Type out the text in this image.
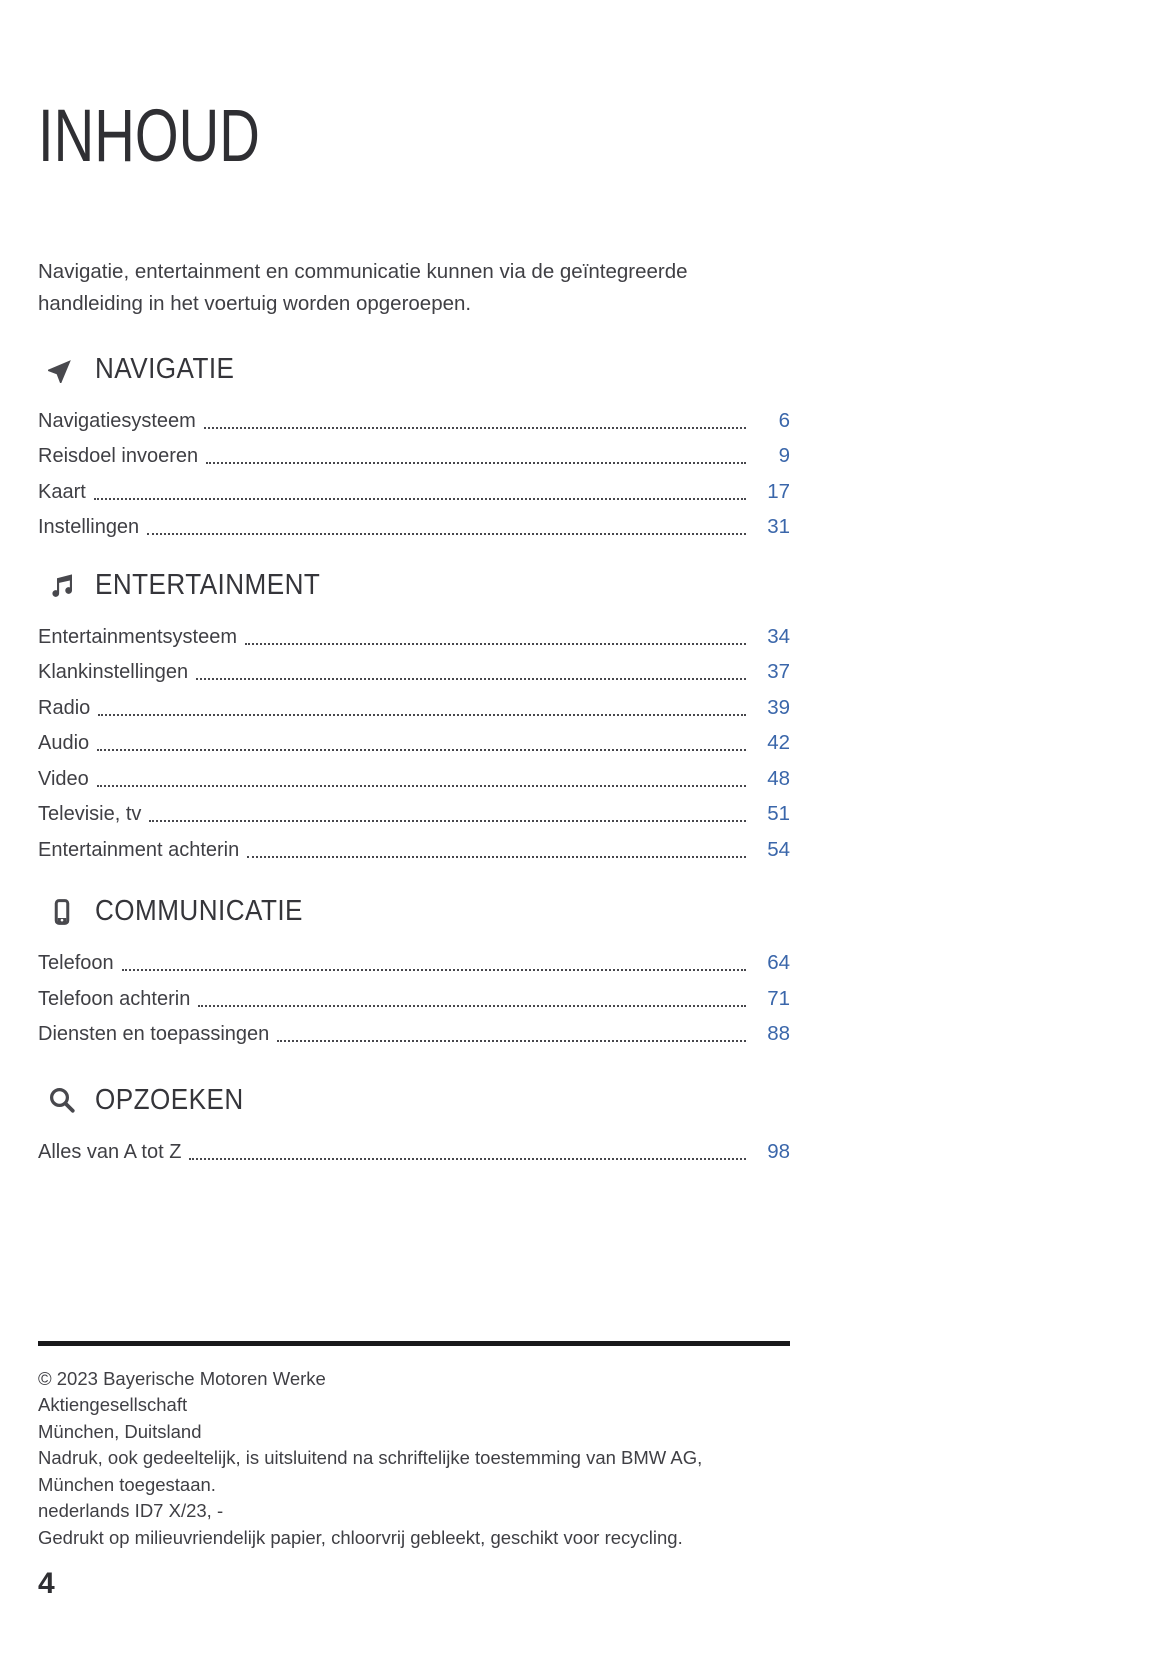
INHOUD

Navigatie, entertainment en communicatie kunnen via de geïntegreerde
handleiding in het voertuig worden opgeroepen.

NAVIGATIE
Navigatiesysteem	6
Reisdoel invoeren	9
Kaart	17
Instellingen	31
ENTERTAINMENT
Entertainmentsysteem	34
Klankinstellingen	37
Radio	39
Audio	42
Video	48
Televisie, tv	51
Entertainment achterin	54
COMMUNICATIE
Telefoon	64
Telefoon achterin	71
Diensten en toepassingen	88
OPZOEKEN
Alles van A tot Z	98
© 2023 Bayerische Motoren Werke
Aktiengesellschaft
München, Duitsland
Nadruk, ook gedeeltelijk, is uitsluitend na schriftelijke toestemming van BMW AG,
München toegestaan.
nederlands ID7 X/23, -
Gedrukt op milieuvriendelijk papier, chloorvrij gebleekt, geschikt voor recycling.
4
